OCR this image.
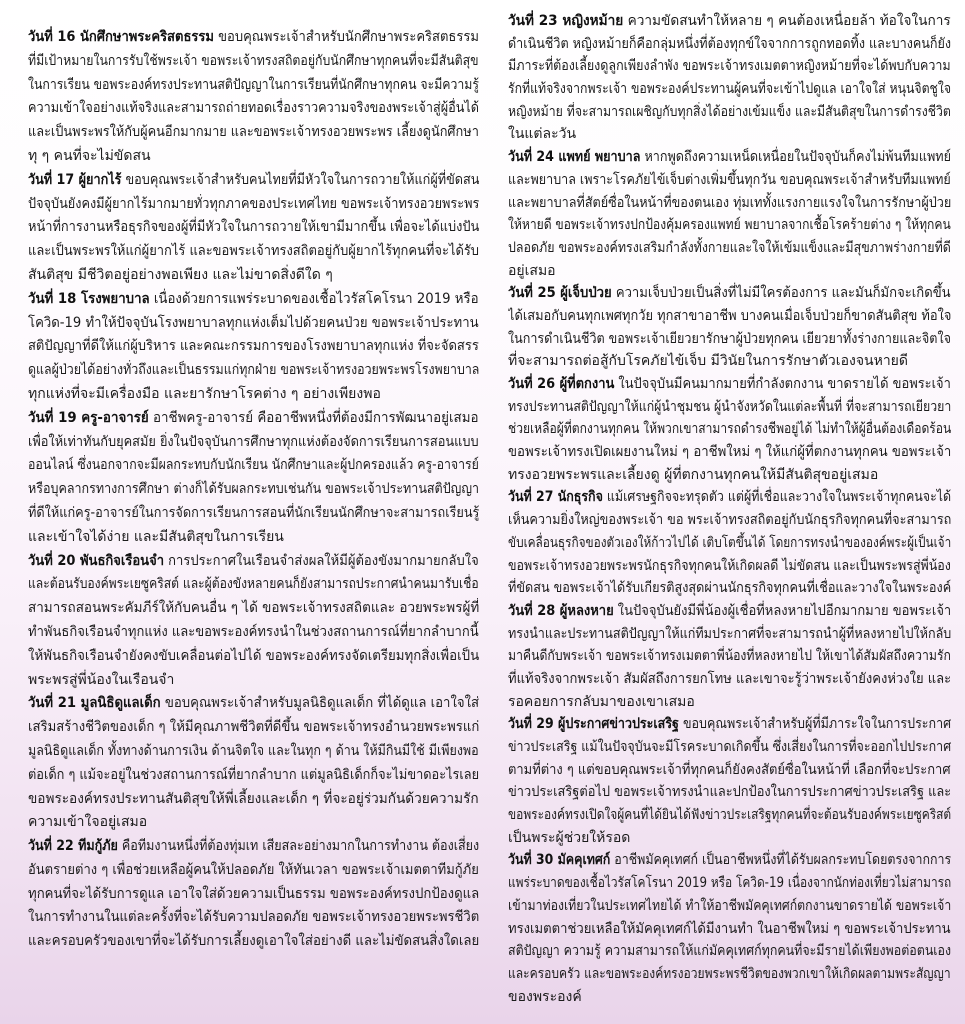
วันที่ 16 นักศึกษาพระคริสตธรรม ขอบคุณพระเจ้าสำหรับนักศึกษาพระคริสตธรรม
ที่มีเป้าหมายในการรับใช้พระเจ้า ขอพระเจ้าทรงสถิตอยู่กับนักศึกษาทุกคนที่จะมีสันติสุข
ในการเรียน ขอพระองค์ทรงประทานสติปัญญาในการเรียนที่นักศึกษาทุกคน จะมีความรู้
ความเข้าใจอย่างแท้จริงและสามารถถ่ายทอดเรื่องราวความจริงของพระเจ้าสู่ผู้อื่นได้
และเป็นพระพรให้กับผู้คนอีกมากมาย และขอพระเจ้าทรงอวยพระพร เลี้ยงดูนักศึกษา
ทุ ๆ คนที่จะไม่ขัดสน
วันที่ 17 ผู้ยากไร้ ขอบคุณพระเจ้าสำหรับคนไทยที่มีหัวใจในการถวายให้แก่ผู้ที่ขัดสน
ปัจจุบันยังคงมีผู้ยากไร้มากมายทั่วทุกภาคของประเทศไทย ขอพระเจ้าทรงอวยพระพร
หน้าที่การงานหรือธุรกิจของผู้ที่มีหัวใจในการถวายให้เขามีมากขึ้น เพื่อจะได้แบ่งปัน
และเป็นพระพรให้แก่ผู้ยากไร้ และขอพระเจ้าทรงสถิตอยู่กับผู้ยากไร้ทุกคนที่จะได้รับ
สันติสุข มีชีวิตอยู่อย่างพอเพียง และไม่ขาดสิ่งดีใด ๆ
วันที่ 18 โรงพยาบาล เนื่องด้วยการแพร่ระบาดของเชื้อไวรัสโคโรนา 2019 หรือ
โควิด-19 ทำให้ปัจจุบันโรงพยาบาลทุกแห่งเต็มไปด้วยคนป่วย ขอพระเจ้าประทาน
สติปัญญาที่ดีให้แก่ผู้บริหาร และคณะกรรมการของโรงพยาบาลทุกแห่ง ที่จะจัดสรร
ดูแลผู้ป่วยได้อย่างทั่วถึงและเป็นธรรมแก่ทุกฝ่าย ขอพระเจ้าทรงอวยพระพรโรงพยาบาล
ทุกแห่งที่จะมีเครื่องมือ และยารักษาโรคต่าง ๆ อย่างเพียงพอ
วันที่ 19 ครู-อาจารย์ อาชีพครู-อาจารย์ คืออาชีพหนึ่งที่ต้องมีการพัฒนาอยู่เสมอ
เพื่อให้เท่าทันกับยุคสมัย ยิ่งในปัจจุบันการศึกษาทุกแห่งต้องจัดการเรียนการสอนแบบ
ออนไลน์ ซึ่งนอกจากจะมีผลกระทบกับนักเรียน นักศึกษาและผู้ปกครองแล้ว ครู-อาจารย์
หรือบุคลากรทางการศึกษา ต่างก็ได้รับผลกระทบเช่นกัน ขอพระเจ้าประทานสติปัญญา
ที่ดีให้แก่ครู-อาจารย์ในการจัดการเรียนการสอนที่นักเรียนนักศึกษาจะสามารถเรียนรู้
และเข้าใจได้ง่าย และมีสันติสุขในการเรียน
วันที่ 20 พันธกิจเรือนจำ การประกาศในเรือนจำส่งผลให้มีผู้ต้องขังมากมายกลับใจ
และต้อนรับองค์พระเยซูคริสต์ และผู้ต้องขังหลายคนก็ยังสามารถประกาศนำคนมารับเชื่อ
สามารถสอนพระคัมภีร์ให้กับคนอื่น ๆ ได้ ขอพระเจ้าทรงสถิตและ อวยพระพรผู้ที่
ทำพันธกิจเรือนจำทุกแห่ง และขอพระองค์ทรงนำในช่วงสถานการณ์ที่ยากลำบากนี้
ให้พันธกิจเรือนจำยังคงขับเคลื่อนต่อไปได้ ขอพระองค์ทรงจัดเตรียมทุกสิ่งเพื่อเป็น
พระพรสู่พี่น้องในเรือนจำ
วันที่ 21 มูลนิธิดูแลเด็ก ขอบคุณพระเจ้าสำหรับมูลนิธิดูแลเด็ก ที่ได้ดูแล เอาใจใส่
เสริมสร้างชีวิตของเด็ก ๆ ให้มีคุณภาพชีวิตที่ดีขึ้น ขอพระเจ้าทรงอำนวยพระพรแก่
มูลนิธิดูแลเด็ก ทั้งทางด้านการเงิน ด้านจิตใจ และในทุก ๆ ด้าน ให้มีกินมีใช้ มีเพียงพอ
ต่อเด็ก ๆ แม้จะอยู่ในช่วงสถานการณ์ที่ยากลำบาก แต่มูลนิธิเด็กก็จะไม่ขาดอะไรเลย
ขอพระองค์ทรงประทานสันติสุขให้พี่เลี้ยงและเด็ก ๆ ที่จะอยู่ร่วมกันด้วยความรัก
ความเข้าใจอยู่เสมอ
วันที่ 22 ทีมกู้ภัย คือทีมงานหนึ่งที่ต้องทุ่มเท เสียสละอย่างมากในการทำงาน ต้องเสี่ยง
อันตรายต่าง ๆ เพื่อช่วยเหลือผู้คนให้ปลอดภัย ให้ทันเวลา ขอพระเจ้าเมตตาทีมกู้ภัย
ทุกคนที่จะได้รับการดูแล เอาใจใส่ด้วยความเป็นธรรม ขอพระองค์ทรงปกป้องดูแล
ในการทำงานในแต่ละครั้งที่จะได้รับความปลอดภัย ขอพระเจ้าทรงอวยพระพรชีวิต
และครอบครัวของเขาที่จะได้รับการเลี้ยงดูเอาใจใส่อย่างดี และไม่ขัดสนสิ่งใดเลย
วันที่ 23 หญิงหม้าย ความขัดสนทำให้หลาย ๆ คนต้องเหนื่อยล้า ท้อใจในการ
ดำเนินชีวิต หญิงหม้ายก็คือกลุ่มหนึ่งที่ต้องทุกข์ใจจากการถูกทอดทิ้ง และบางคนก็ยัง
มีภาระที่ต้องเลี้ยงดูลูกเพียงลำพัง ขอพระเจ้าทรงเมตตาหญิงหม้ายที่จะได้พบกับความ
รักที่แท้จริงจากพระเจ้า ขอพระองค์ประทานผู้คนที่จะเข้าไปดูแล เอาใจใส่ หนุนจิตชูใจ
หญิงหม้าย ที่จะสามารถเผชิญกับทุกสิ่งได้อย่างเข้มแข็ง และมีสันติสุขในการดำรงชีวิต
ในแต่ละวัน
วันที่ 24 แพทย์ พยาบาล หากพูดถึงความเหน็ดเหนื่อยในปัจจุบันก็คงไม่พ้นทีมแพทย์
และพยาบาล เพราะโรคภัยไข้เจ็บต่างเพิ่มขึ้นทุกวัน ขอบคุณพระเจ้าสำหรับทีมแพทย์
และพยาบาลที่สัตย์ซื่อในหน้าที่ของตนเอง ทุ่มเททั้งแรงกายแรงใจในการรักษาผู้ป่วย
ให้หายดี ขอพระเจ้าทรงปกป้องคุ้มครองแพทย์ พยาบาลจากเชื้อโรคร้ายต่าง ๆ ให้ทุกคน
ปลอดภัย ขอพระองค์ทรงเสริมกำลังทั้งกายและใจให้เข้มแข็งและมีสุขภาพร่างกายที่ดี
อยู่เสมอ
วันที่ 25 ผู้เจ็บป่วย ความเจ็บป่วยเป็นสิ่งที่ไม่มีใครต้องการ และมันก็มักจะเกิดขึ้น
ได้เสมอกับคนทุกเพศทุกวัย ทุกสาขาอาชีพ บางคนเมื่อเจ็บป่วยก็ขาดสันติสุข ท้อใจ
ในการดำเนินชีวิต ขอพระเจ้าเยียวยารักษาผู้ป่วยทุกคน เยียวยาทั้งร่างกายและจิตใจ
ที่จะสามารถต่อสู้กับโรคภัยไข้เจ็บ มีวินัยในการรักษาตัวเองจนหายดี
วันที่ 26 ผู้ที่ตกงาน ในปัจจุบันมีคนมากมายที่กำลังตกงาน ขาดรายได้ ขอพระเจ้า
ทรงประทานสติปัญญาให้แก่ผู้นำชุมชน ผู้นำจังหวัดในแต่ละพื้นที่ ที่จะสามารถเยียวยา
ช่วยเหลือผู้ที่ตกงานทุกคน ให้พวกเขาสามารถดำรงชีพอยู่ได้ ไม่ทำให้ผู้อื่นต้องเดือดร้อน
ขอพระเจ้าทรงเปิดเผยงานใหม่ ๆ อาชีพใหม่ ๆ ให้แก่ผู้ที่ตกงานทุกคน ขอพระเจ้า
ทรงอวยพระพรและเลี้ยงดู ผู้ที่ตกงานทุกคนให้มีสันติสุขอยู่เสมอ
วันที่ 27 นักธุรกิจ แม้เศรษฐกิจจะทรุดตัว แต่ผู้ที่เชื่อและวางใจในพระเจ้าทุกคนจะได้
เห็นความยิ่งใหญ่ของพระเจ้า ขอ พระเจ้าทรงสถิตอยู่กับนักธุรกิจทุกคนที่จะสามารถ
ขับเคลื่อนธุรกิจของตัวเองให้ก้าวไปได้ เติบโตขึ้นได้ โดยการทรงนำขององค์พระผู้เป็นเจ้า
ขอพระเจ้าทรงอวยพระพรนักธุรกิจทุกคนให้เกิดผลดี ไม่ขัดสน และเป็นพระพรสู่พี่น้อง
ที่ขัดสน ขอพระเจ้าได้รับเกียรติสูงสุดผ่านนักธุรกิจทุกคนที่เชื่อและวางใจในพระองค์
วันที่ 28 ผู้หลงหาย ในปัจจุบันยังมีพี่น้องผู้เชื่อที่หลงหายไปอีกมากมาย ขอพระเจ้า
ทรงนำและประทานสติปัญญาให้แก่ทีมประกาศที่จะสามารถนำผู้ที่หลงหายไปให้กลับ
มาคืนดีกับพระเจ้า ขอพระเจ้าทรงเมตตาพี่น้องที่หลงหายไป ให้เขาได้สัมผัสถึงความรัก
ที่แท้จริงจากพระเจ้า สัมผัสถึงการยกโทษ และเขาจะรู้ว่าพระเจ้ายังคงห่วงใย และ
รอคอยการกลับมาของเขาเสมอ
วันที่ 29 ผู้ประกาศข่าวประเสริฐ ขอบคุณพระเจ้าสำหรับผู้ที่มีภาระใจในการประกาศ
ข่าวประเสริฐ แม้ในปัจจุบันจะมีโรคระบาดเกิดขึ้น ซึ่งเสี่ยงในการที่จะออกไปประกาศ
ตามที่ต่าง ๆ แต่ขอบคุณพระเจ้าที่ทุกคนก็ยังคงสัตย์ซื่อในหน้าที่ เลือกที่จะประกาศ
ข่าวประเสริฐต่อไป ขอพระเจ้าทรงนำและปกป้องในการประกาศข่าวประเสริฐ และ
ขอพระองค์ทรงเปิดใจผู้คนที่ได้ยินได้ฟังข่าวประเสริฐทุกคนที่จะต้อนรับองค์พระเยซูคริสต์
เป็นพระผู้ช่วยให้รอด
วันที่ 30 มัคคุเทศก์ อาชีพมัคคุเทศก์ เป็นอาชีพหนึ่งที่ได้รับผลกระทบโดยตรงจากการ
แพร่ระบาดของเชื้อไวรัสโคโรนา 2019 หรือ โควิด-19 เนื่องจากนักท่องเที่ยวไม่สามารถ
เข้ามาท่องเที่ยวในประเทศไทยได้ ทำให้อาชีพมัคคุเทศก์ตกงานขาดรายได้ ขอพระเจ้า
ทรงเมตตาช่วยเหลือให้มัคคุเทศก์ได้มีงานทำ ในอาชีพใหม่ ๆ ขอพระเจ้าประทาน
สติปัญญา ความรู้ ความสามารถให้แก่มัคคุเทศก์ทุกคนที่จะมีรายได้เพียงพอต่อตนเอง
และครอบครัว และขอพระองค์ทรงอวยพระพรชีวิตของพวกเขาให้เกิดผลตามพระสัญญา
ของพระองค์
